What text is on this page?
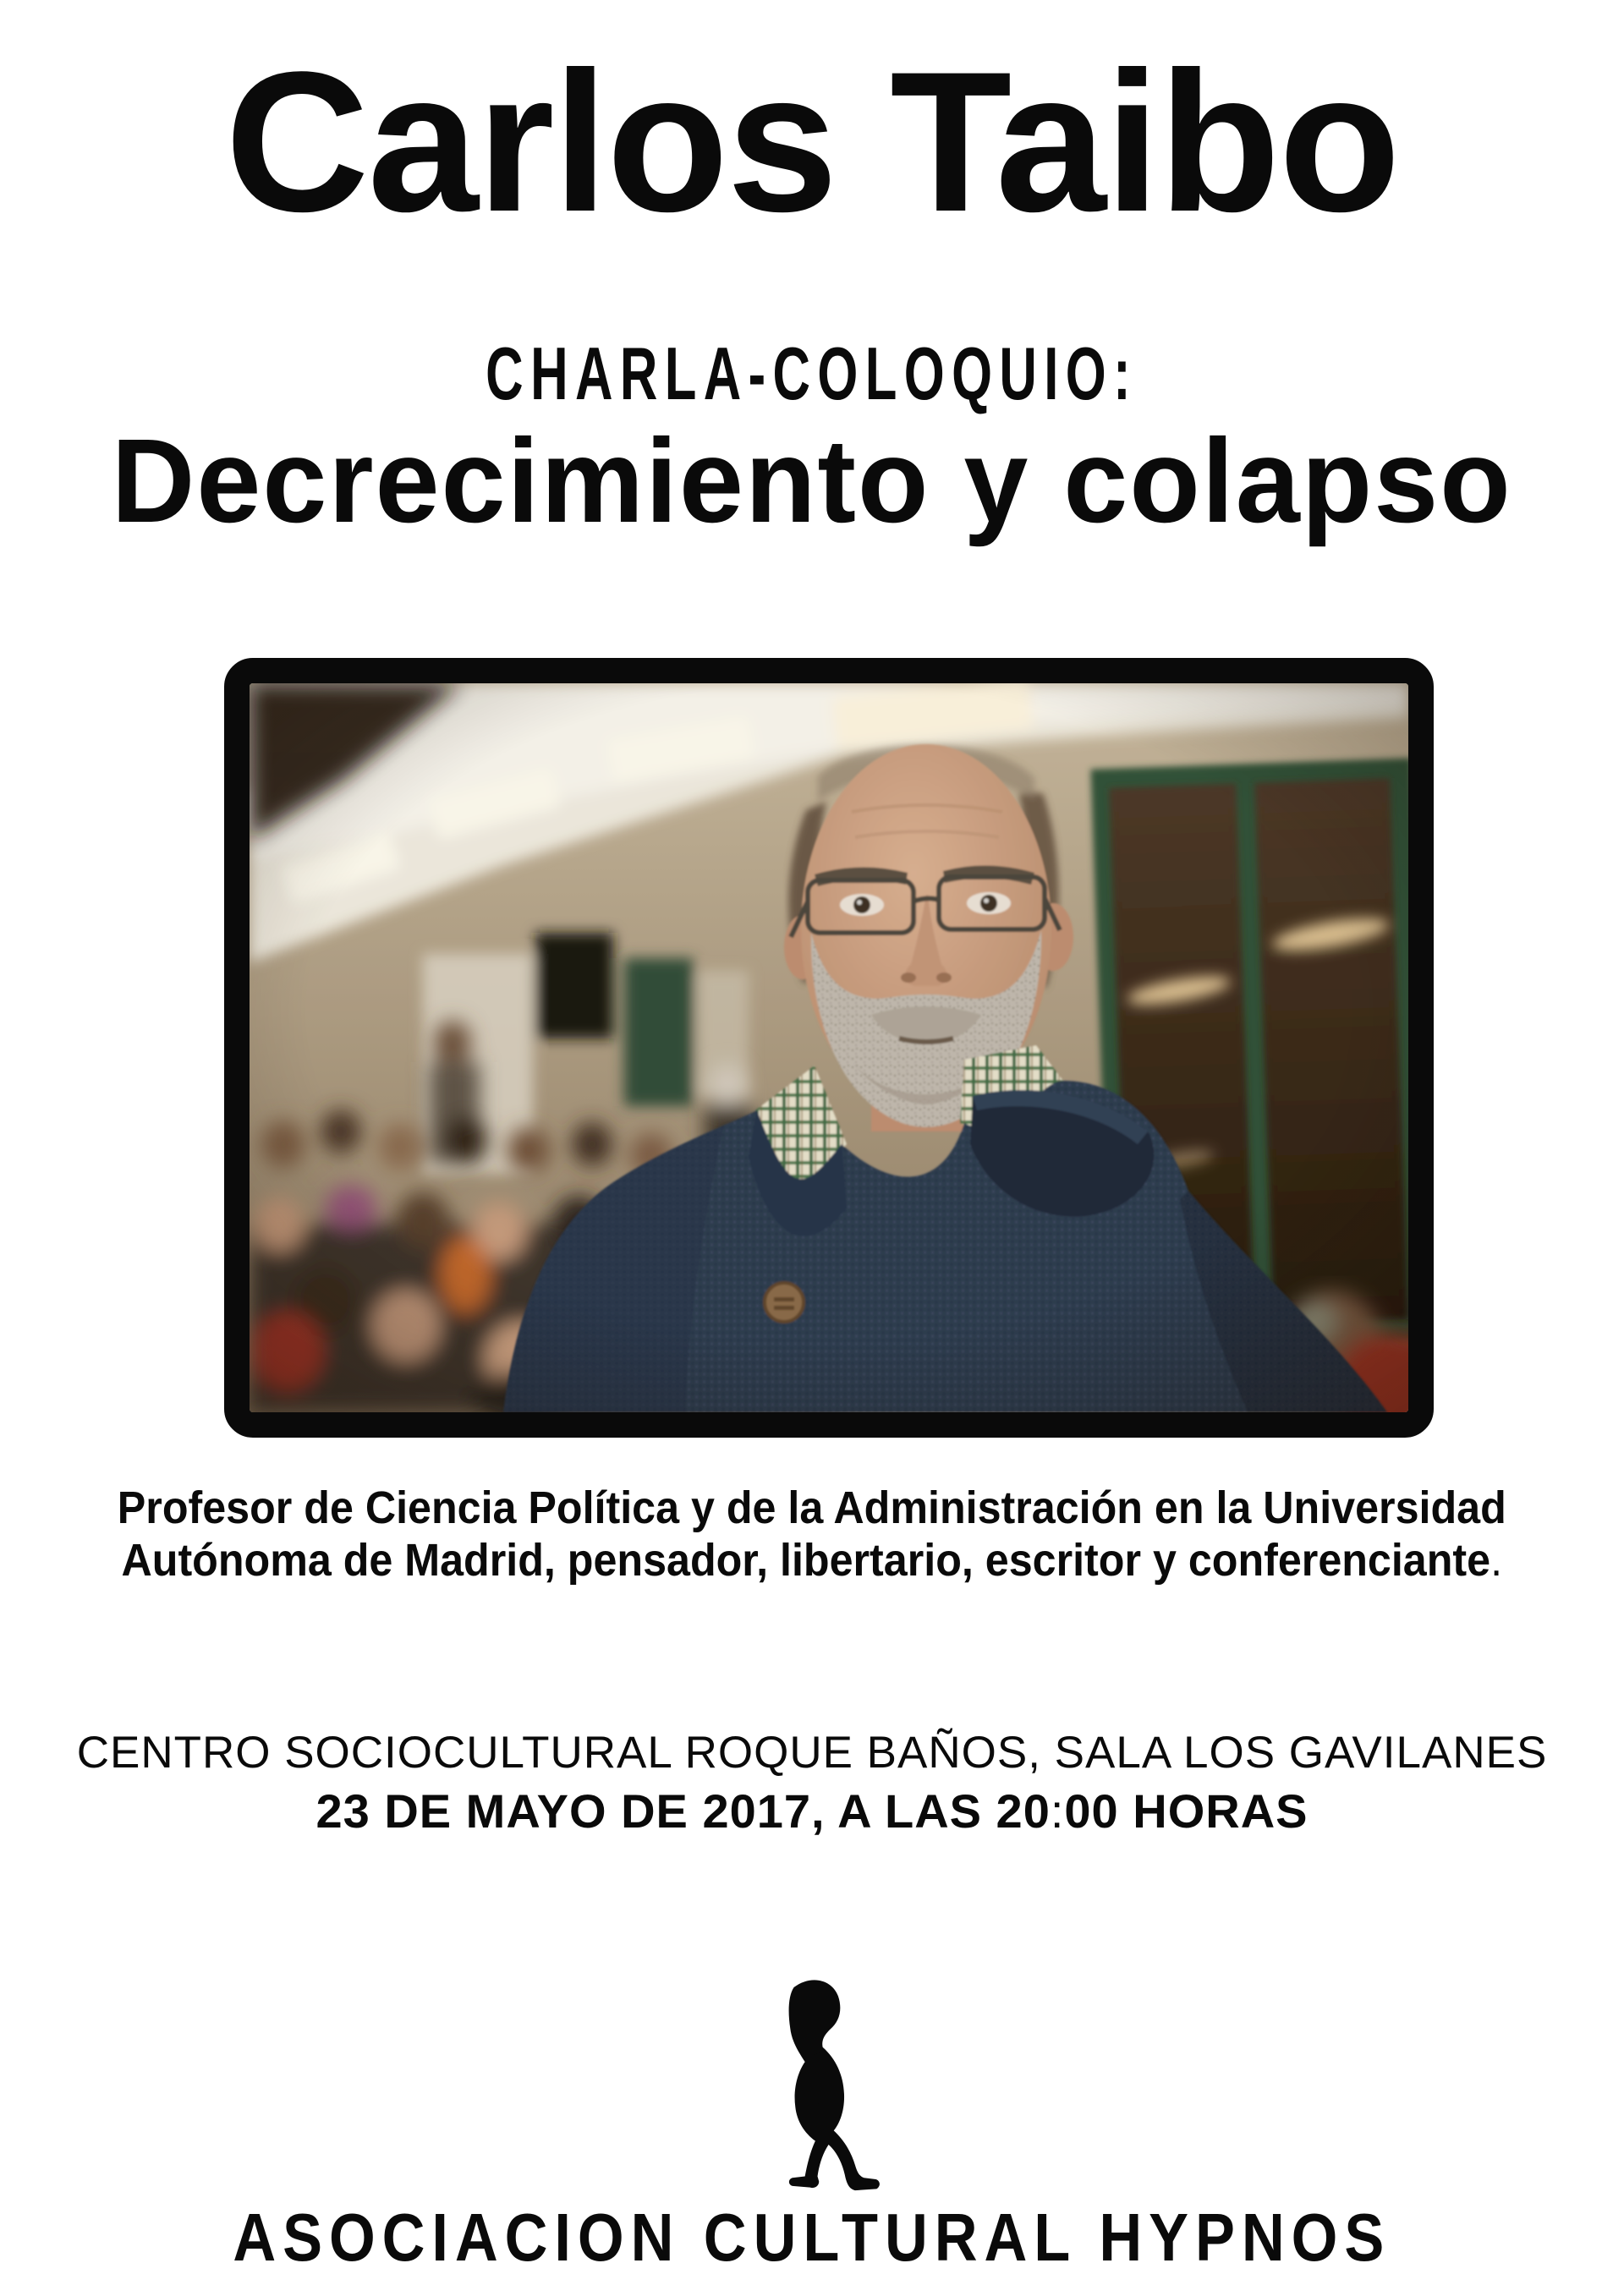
Carlos Taibo
CHARLA-COLOQUIO:
Decrecimiento y colapso
Profesor de Ciencia Política y de la Administración en la Universidad
Autónoma de Madrid, pensador, libertario, escritor y conferenciante.
CENTRO SOCIOCULTURAL ROQUE BAÑOS, SALA LOS GAVILANES
23 DE MAYO DE 2017, A LAS 20:00 HORAS
ASOCIACION CULTURAL HYPNOS
